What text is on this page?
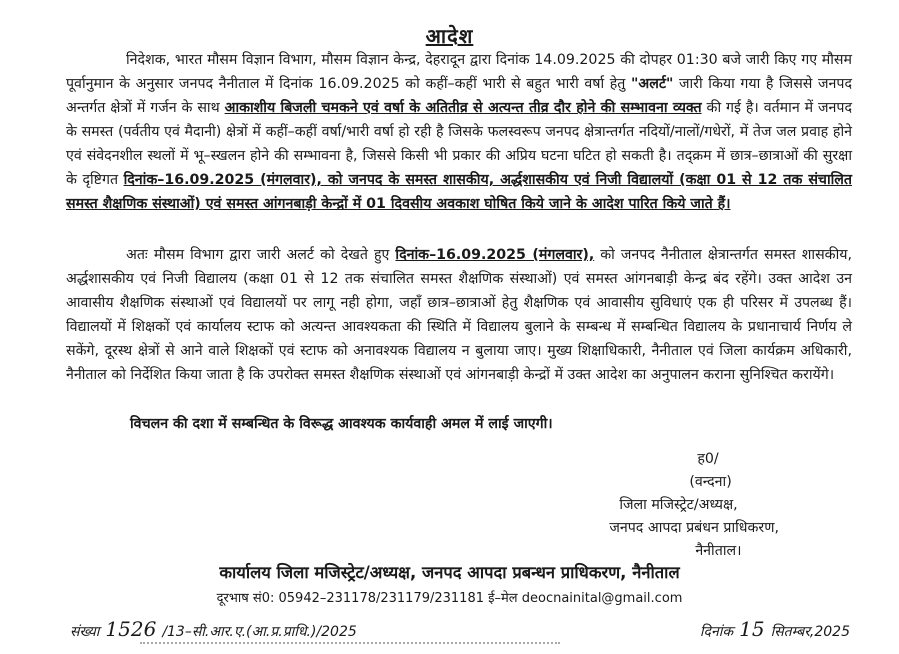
आदेश
निदेशक, भारत मौसम विज्ञान विभाग, मौसम विज्ञान केन्द्र, देहरादून द्वारा दिनांक 14.09.2025 की दोपहर 01:30 बजे जारी किए गए मौसम पूर्वानुमान के अनुसार जनपद नैनीताल में दिनांक 16.09.2025 को कहीं–कहीं भारी से बहुत भारी वर्षा हेतु "अलर्ट" जारी किया गया है जिससे जनपद अन्तर्गत क्षेत्रों में गर्जन के साथ आकाशीय बिजली चमकने एवं वर्षा के अतितीव्र से अत्यन्त तीव्र दौर होने की सम्भावना व्यक्त की गई है। वर्तमान में जनपद के समस्त (पर्वतीय एवं मैदानी) क्षेत्रों में कहीं–कहीं वर्षा/भारी वर्षा हो रही है जिसके फलस्वरूप जनपद क्षेत्रान्तर्गत नदियों/नालों/गधेरों, में तेज जल प्रवाह होने एवं संवेदनशील स्थलों में भू–स्खलन होने की सम्भावना है, जिससे किसी भी प्रकार की अप्रिय घटना घटित हो सकती है। तद्क्रम में छात्र–छात्राओं की सुरक्षा के दृष्टिगत दिनांक–16.09.2025 (मंगलवार), को जनपद के समस्त शासकीय, अर्द्धशासकीय एवं निजी विद्यालयों (कक्षा 01 से 12 तक संचालित समस्त शैक्षणिक संस्थाओं) एवं समस्त आंगनबाड़ी केन्द्रों में 01 दिवसीय अवकाश घोषित किये जाने के आदेश पारित किये जाते हैं।
अतः मौसम विभाग द्वारा जारी अलर्ट को देखते हुए दिनांक–16.09.2025 (मंगलवार), को जनपद नैनीताल क्षेत्रान्तर्गत समस्त शासकीय, अर्द्धशासकीय एवं निजी विद्यालय (कक्षा 01 से 12 तक संचालित समस्त शैक्षणिक संस्थाओं) एवं समस्त आंगनबाड़ी केन्द्र बंद रहेंगे। उक्त आदेश उन आवासीय शैक्षणिक संस्थाओं एवं विद्यालयों पर लागू नही होगा, जहाँ छात्र–छात्राओं हेतु शैक्षणिक एवं आवासीय सुविधाएं एक ही परिसर में उपलब्ध हैं। विद्यालयों में शिक्षकों एवं कार्यालय स्टाफ को अत्यन्त आवश्यकता की स्थिति में विद्यालय बुलाने के सम्बन्ध में सम्बन्धित विद्यालय के प्रधानाचार्य निर्णय ले सकेंगे, दूरस्थ क्षेत्रों से आने वाले शिक्षकों एवं स्टाफ को अनावश्यक विद्यालय न बुलाया जाए। मुख्य शिक्षाधिकारी, नैनीताल एवं जिला कार्यक्रम अधिकारी, नैनीताल को निर्देशित किया जाता है कि उपरोक्त समस्त शैक्षणिक संस्थाओं एवं आंगनबाड़ी केन्द्रों में उक्त आदेश का अनुपालन कराना सुनिश्चित करायेंगे।
विचलन की दशा में सम्बन्धित के विरूद्ध आवश्यक कार्यवाही अमल में लाई जाएगी।
ह0/
(वन्दना)
जिला मजिस्ट्रेट/अध्यक्ष,
जनपद आपदा प्रबंधन प्राधिकरण,
नैनीताल।
कार्यालय जिला मजिस्ट्रेट/अध्यक्ष, जनपद आपदा प्रबन्धन प्राधिकरण, नैनीताल
दूरभाष सं0: 05942–231178/231179/231181 ई–मेल deocnainital@gmail.com
संख्या 1526 /13–सी.आर.ए.(आ.प्र.प्राधि.)/2025	दिनांक 15 सितम्बर,2025
